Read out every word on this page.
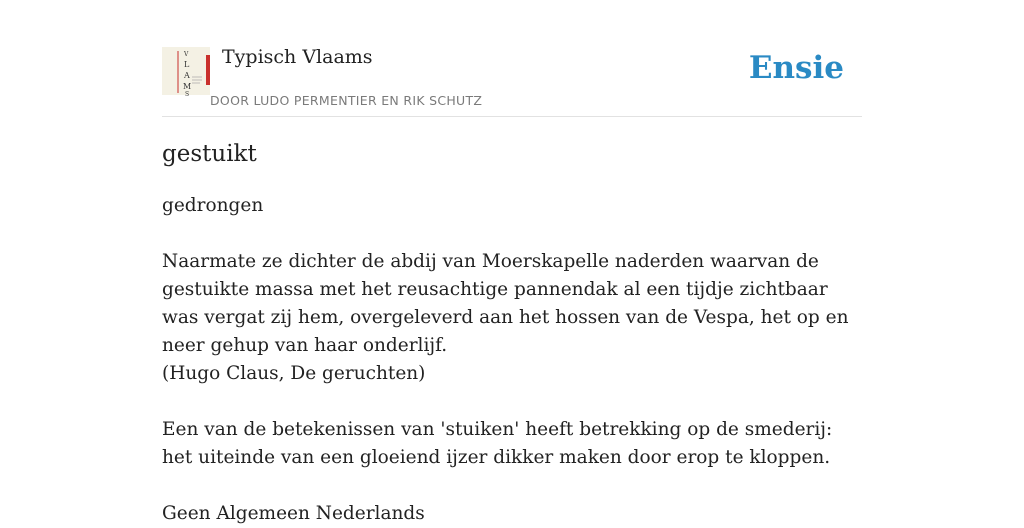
V
L
A
M
S
Typisch Vlaams
DOOR LUDO PERMENTIER EN RIK SCHUTZ
Ensie
gestuikt

gedrongen

Naarmate ze dichter de abdij van Moerskapelle naderden waarvan de gestuikte massa met het reusachtige pannendak al een tijdje zichtbaar was vergat zij hem, overgeleverd aan het hossen van de Vespa, het op en neer gehup van haar onderlijf.
(Hugo Claus, De geruchten)

Een van de betekenissen van 'stuiken' heeft betrekking op de smederij: het uiteinde van een gloeiend ijzer dikker maken door erop te kloppen.

Geen Algemeen Nederlands
